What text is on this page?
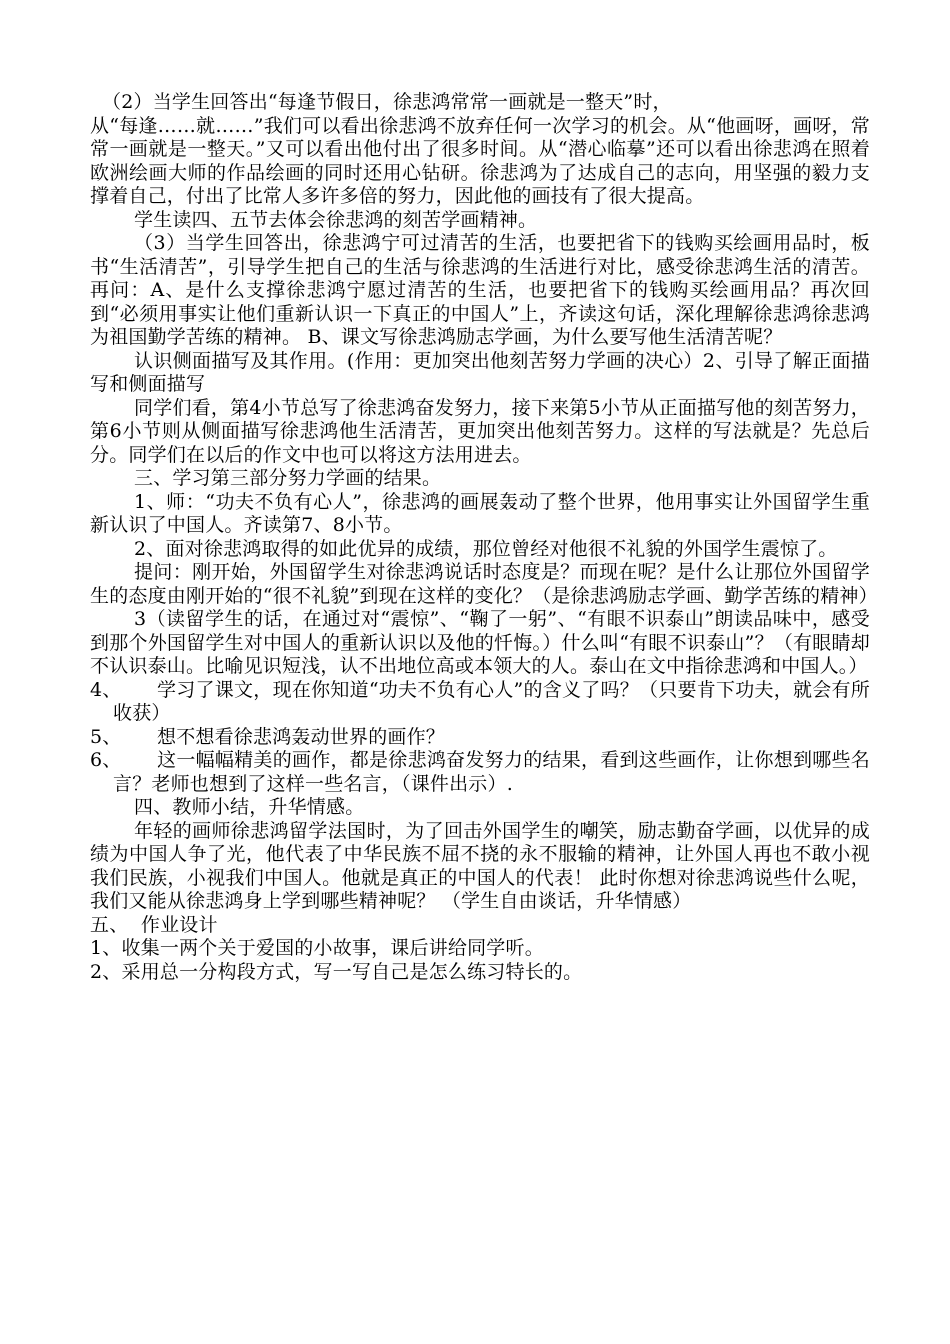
（2）当学生回答出“每逢节假日，徐悲鸿常常一画就是一整天”时，

从“每逢……就……”我们可以看出徐悲鸿不放弃任何一次学习的机会。从“他画呀，画呀，常常一画就是一整天。”又可以看出他付出了很多时间。从“潜心临摹”还可以看出徐悲鸿在照着欧洲绘画大师的作品绘画的同时还用心钻研。徐悲鸿为了达成自己的志向，用坚强的毅力支撑着自己，付出了比常人多许多倍的努力，因此他的画技有了很大提高。

学生读四、五节去体会徐悲鸿的刻苦学画精神。

（3）当学生回答出，徐悲鸿宁可过清苦的生活，也要把省下的钱购买绘画用品时，板书“生活清苦”，引导学生把自己的生活与徐悲鸿的生活进行对比，感受徐悲鸿生活的清苦。再问：A、是什么支撑徐悲鸿宁愿过清苦的生活，也要把省下的钱购买绘画用品？再次回到“必须用事实让他们重新认识一下真正的中国人”上，齐读这句话，深化理解徐悲鸿徐悲鸿为祖国勤学苦练的精神。 B、课文写徐悲鸿励志学画，为什么要写他生活清苦呢？

认识侧面描写及其作用。(作用：更加突出他刻苦努力学画的决心）2、引导了解正面描写和侧面描写

同学们看，第4小节总写了徐悲鸿奋发努力，接下来第5小节从正面描写他的刻苦努力，第6小节则从侧面描写徐悲鸿他生活清苦，更加突出他刻苦努力。这样的写法就是？先总后分。同学们在以后的作文中也可以将这方法用进去。

三、学习第三部分努力学画的结果。

1、师：“功夫不负有心人”，徐悲鸿的画展轰动了整个世界，他用事实让外国留学生重新认识了中国人。齐读第7、8小节。

2、面对徐悲鸿取得的如此优异的成绩，那位曾经对他很不礼貌的外国学生震惊了。

提问：刚开始，外国留学生对徐悲鸿说话时态度是？而现在呢？是什么让那位外国留学生的态度由刚开始的“很不礼貌”到现在这样的变化？（是徐悲鸿励志学画、勤学苦练的精神）

3（读留学生的话，在通过对“震惊”、“鞠了一躬”、“有眼不识泰山”朗读品味中，感受到那个外国留学生对中国人的重新认识以及他的忏悔。）什么叫“有眼不识泰山”？（有眼睛却不认识泰山。比喻见识短浅，认不出地位高或本领大的人。泰山在文中指徐悲鸿和中国人。）

4、 学习了课文，现在你知道“功夫不负有心人”的含义了吗？（只要肯下功夫，就会有所收获）

5、 想不想看徐悲鸿轰动世界的画作？

6、 这一幅幅精美的画作，都是徐悲鸿奋发努力的结果，看到这些画作，让你想到哪些名言？老师也想到了这样一些名言，（课件出示）.

四、教师小结，升华情感。

年轻的画师徐悲鸿留学法国时，为了回击外国学生的嘲笑，励志勤奋学画，以优异的成绩为中国人争了光，他代表了中华民族不屈不挠的永不服输的精神，让外国人再也不敢小视我们民族，小视我们中国人。他就是真正的中国人的代表！ 此时你想对徐悲鸿说些什么呢，我们又能从徐悲鸿身上学到哪些精神呢？ （学生自由谈话，升华情感）

五、  作业设计

1、收集一两个关于爱国的小故事，课后讲给同学听。

2、采用总一分构段方式，写一写自己是怎么练习特长的。
